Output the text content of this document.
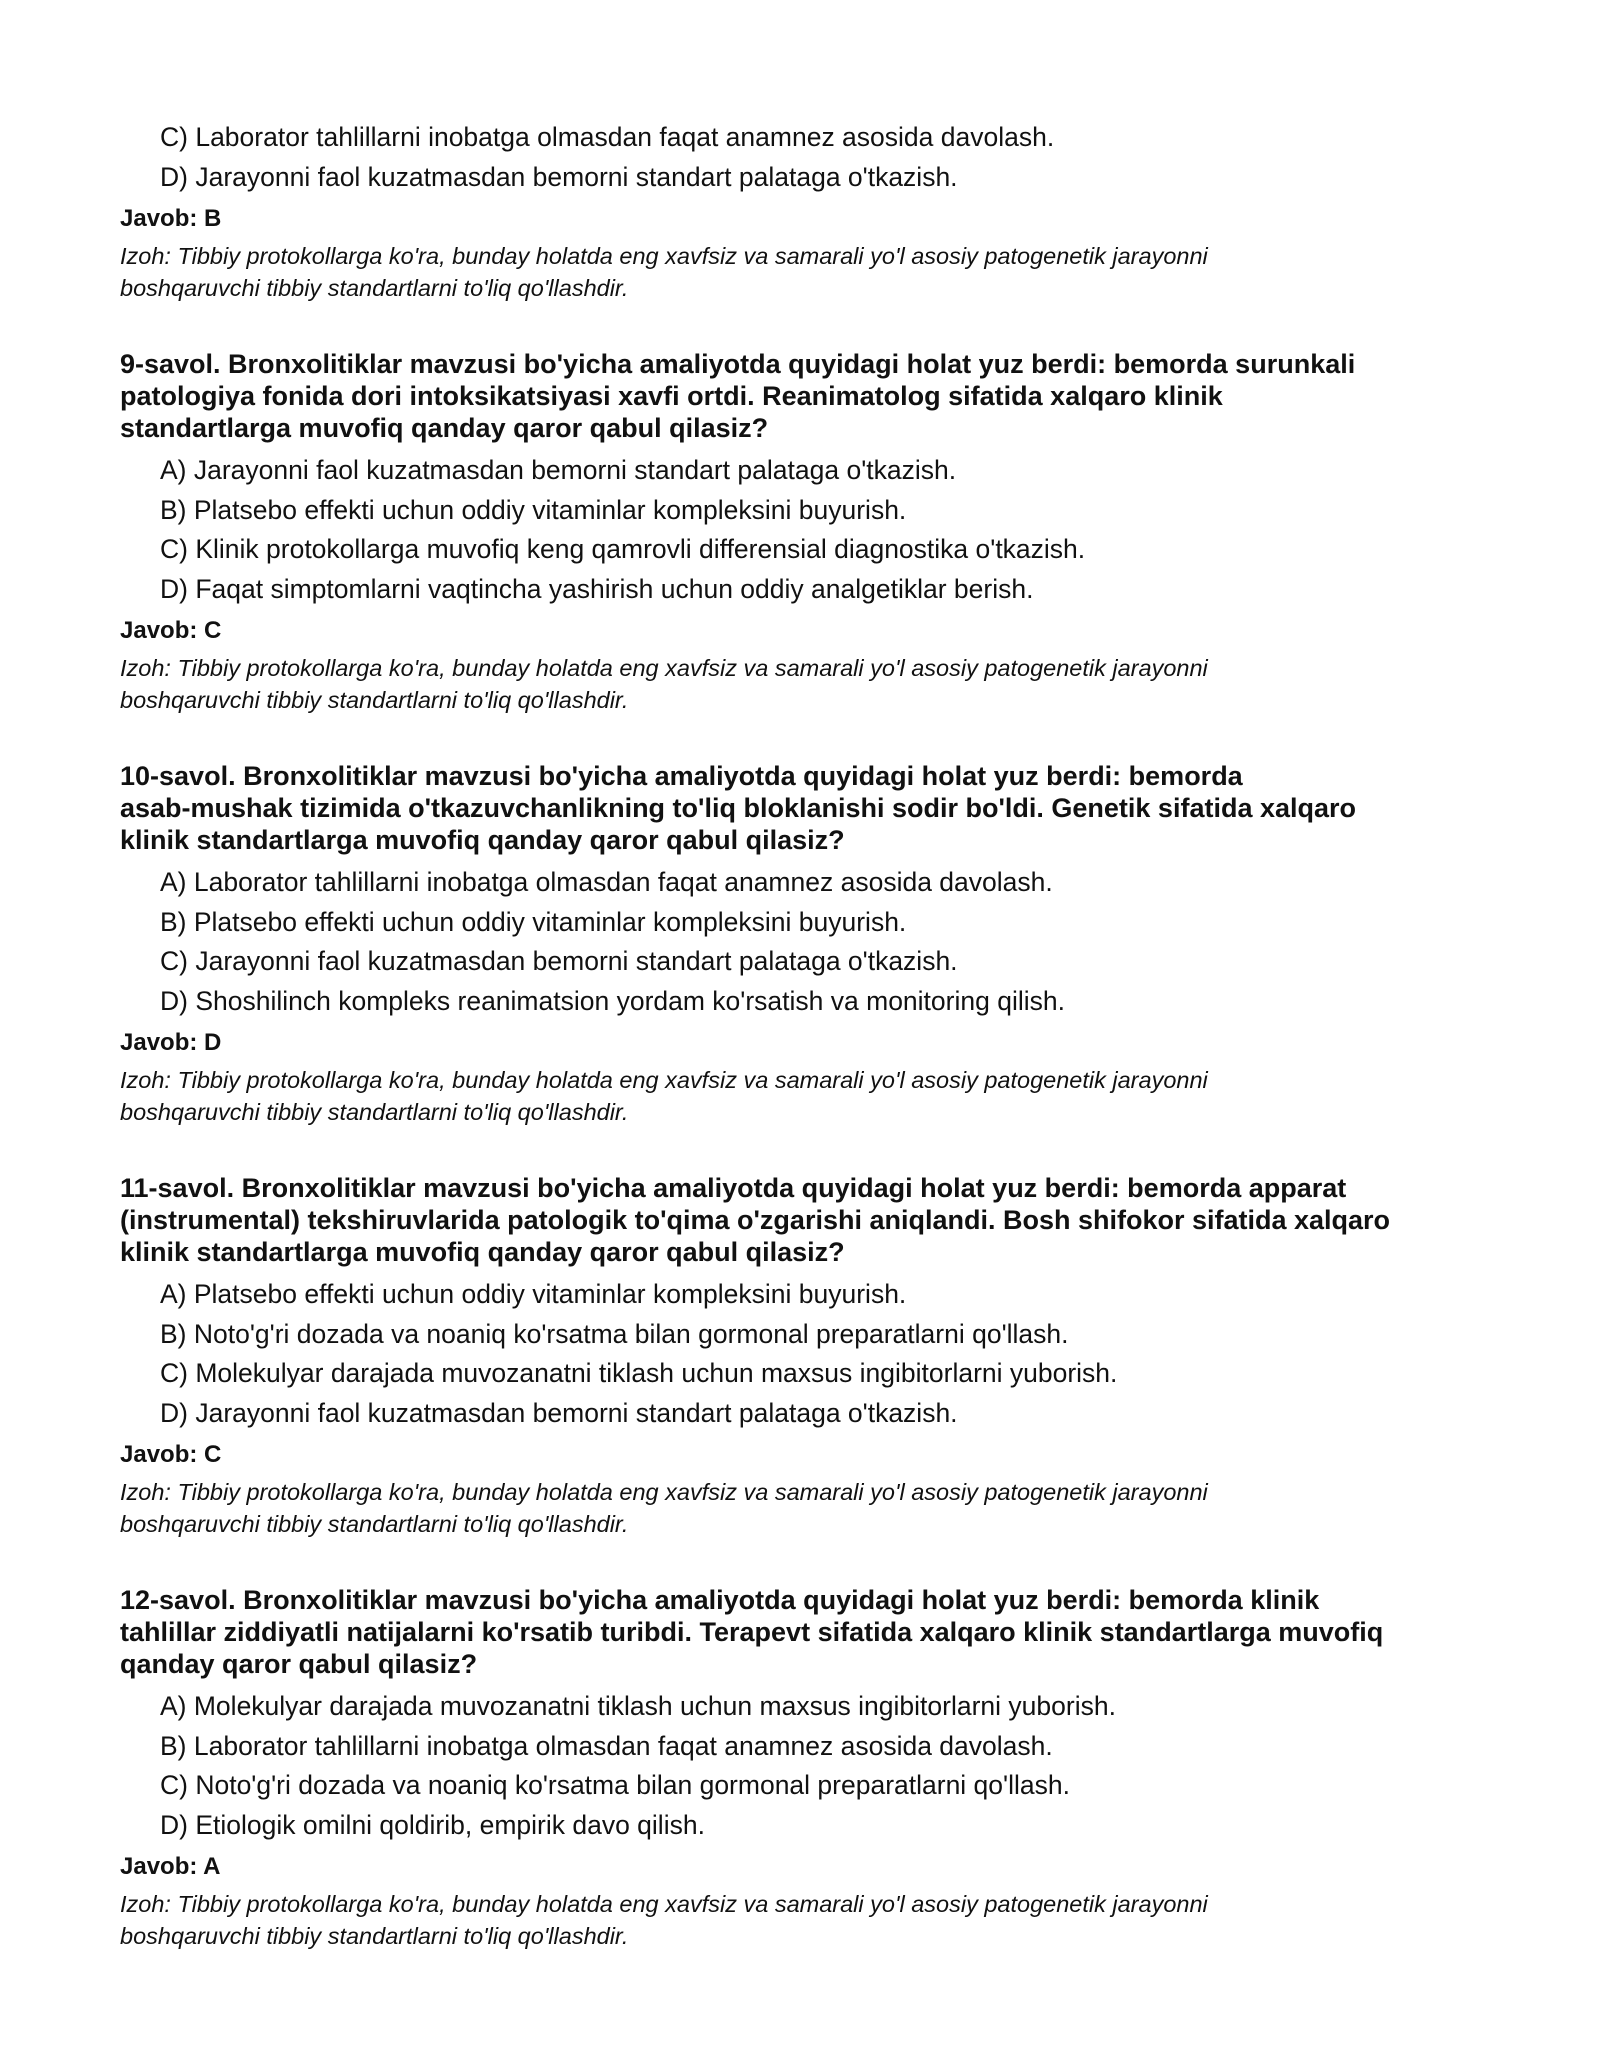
C) Laborator tahlillarni inobatga olmasdan faqat anamnez asosida davolash.
D) Jarayonni faol kuzatmasdan bemorni standart palataga o'tkazish.
Javob: B
Izoh: Tibbiy protokollarga ko'ra, bunday holatda eng xavfsiz va samarali yo'l asosiy patogenetik jarayonni
boshqaruvchi tibbiy standartlarni to'liq qo'llashdir.
9-savol. Bronxolitiklar mavzusi bo'yicha amaliyotda quyidagi holat yuz berdi: bemorda surunkali
patologiya fonida dori intoksikatsiyasi xavfi ortdi. Reanimatolog sifatida xalqaro klinik
standartlarga muvofiq qanday qaror qabul qilasiz?
A) Jarayonni faol kuzatmasdan bemorni standart palataga o'tkazish.
B) Platsebo effekti uchun oddiy vitaminlar kompleksini buyurish.
C) Klinik protokollarga muvofiq keng qamrovli differensial diagnostika o'tkazish.
D) Faqat simptomlarni vaqtincha yashirish uchun oddiy analgetiklar berish.
Javob: C
Izoh: Tibbiy protokollarga ko'ra, bunday holatda eng xavfsiz va samarali yo'l asosiy patogenetik jarayonni
boshqaruvchi tibbiy standartlarni to'liq qo'llashdir.
10-savol. Bronxolitiklar mavzusi bo'yicha amaliyotda quyidagi holat yuz berdi: bemorda
asab-mushak tizimida o'tkazuvchanlikning to'liq bloklanishi sodir bo'ldi. Genetik sifatida xalqaro
klinik standartlarga muvofiq qanday qaror qabul qilasiz?
A) Laborator tahlillarni inobatga olmasdan faqat anamnez asosida davolash.
B) Platsebo effekti uchun oddiy vitaminlar kompleksini buyurish.
C) Jarayonni faol kuzatmasdan bemorni standart palataga o'tkazish.
D) Shoshilinch kompleks reanimatsion yordam ko'rsatish va monitoring qilish.
Javob: D
Izoh: Tibbiy protokollarga ko'ra, bunday holatda eng xavfsiz va samarali yo'l asosiy patogenetik jarayonni
boshqaruvchi tibbiy standartlarni to'liq qo'llashdir.
11-savol. Bronxolitiklar mavzusi bo'yicha amaliyotda quyidagi holat yuz berdi: bemorda apparat
(instrumental) tekshiruvlarida patologik to'qima o'zgarishi aniqlandi. Bosh shifokor sifatida xalqaro
klinik standartlarga muvofiq qanday qaror qabul qilasiz?
A) Platsebo effekti uchun oddiy vitaminlar kompleksini buyurish.
B) Noto'g'ri dozada va noaniq ko'rsatma bilan gormonal preparatlarni qo'llash.
C) Molekulyar darajada muvozanatni tiklash uchun maxsus ingibitorlarni yuborish.
D) Jarayonni faol kuzatmasdan bemorni standart palataga o'tkazish.
Javob: C
Izoh: Tibbiy protokollarga ko'ra, bunday holatda eng xavfsiz va samarali yo'l asosiy patogenetik jarayonni
boshqaruvchi tibbiy standartlarni to'liq qo'llashdir.
12-savol. Bronxolitiklar mavzusi bo'yicha amaliyotda quyidagi holat yuz berdi: bemorda klinik
tahlillar ziddiyatli natijalarni ko'rsatib turibdi. Terapevt sifatida xalqaro klinik standartlarga muvofiq
qanday qaror qabul qilasiz?
A) Molekulyar darajada muvozanatni tiklash uchun maxsus ingibitorlarni yuborish.
B) Laborator tahlillarni inobatga olmasdan faqat anamnez asosida davolash.
C) Noto'g'ri dozada va noaniq ko'rsatma bilan gormonal preparatlarni qo'llash.
D) Etiologik omilni qoldirib, empirik davo qilish.
Javob: A
Izoh: Tibbiy protokollarga ko'ra, bunday holatda eng xavfsiz va samarali yo'l asosiy patogenetik jarayonni
boshqaruvchi tibbiy standartlarni to'liq qo'llashdir.
